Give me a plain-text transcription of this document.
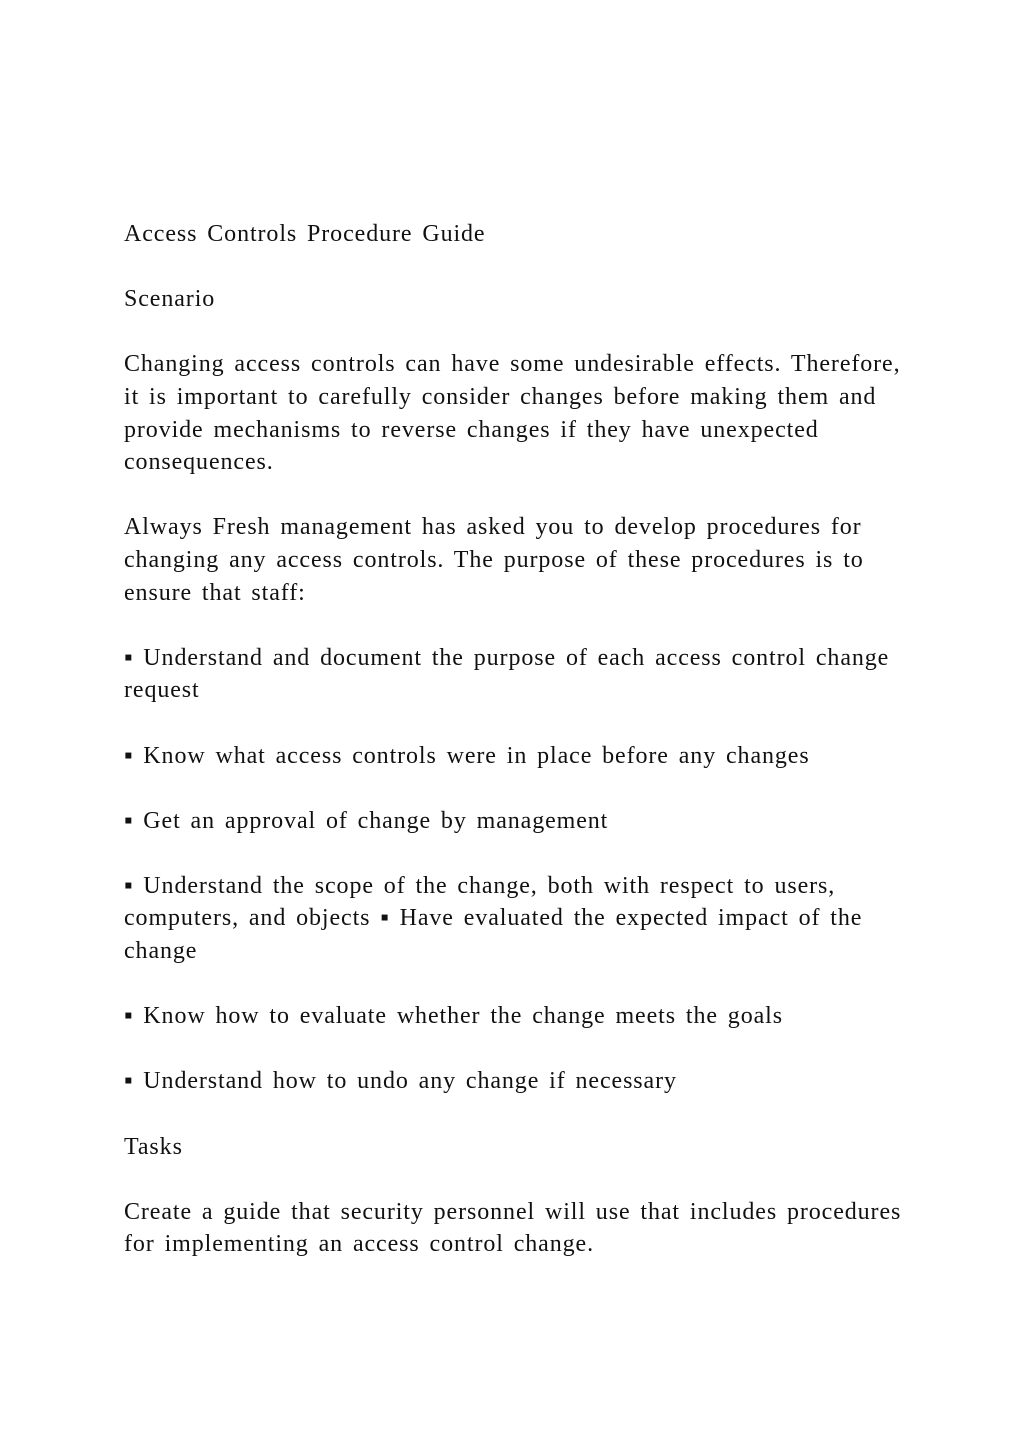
Access Controls Procedure Guide

Scenario

Changing access controls can have some undesirable effects. Therefore, it is important to carefully consider changes before making them and provide mechanisms to reverse changes if they have unexpected consequences.

Always Fresh management has asked you to develop procedures for changing any access controls. The purpose of these procedures is to ensure that staff:

▪ Understand and document the purpose of each access control change request

▪ Know what access controls were in place before any changes

▪ Get an approval of change by management

▪ Understand the scope of the change, both with respect to users, computers, and objects ▪ Have evaluated the expected impact of the change

▪ Know how to evaluate whether the change meets the goals

▪ Understand how to undo any change if necessary

Tasks

Create a guide that security personnel will use that includes procedures for implementing an access control change.
